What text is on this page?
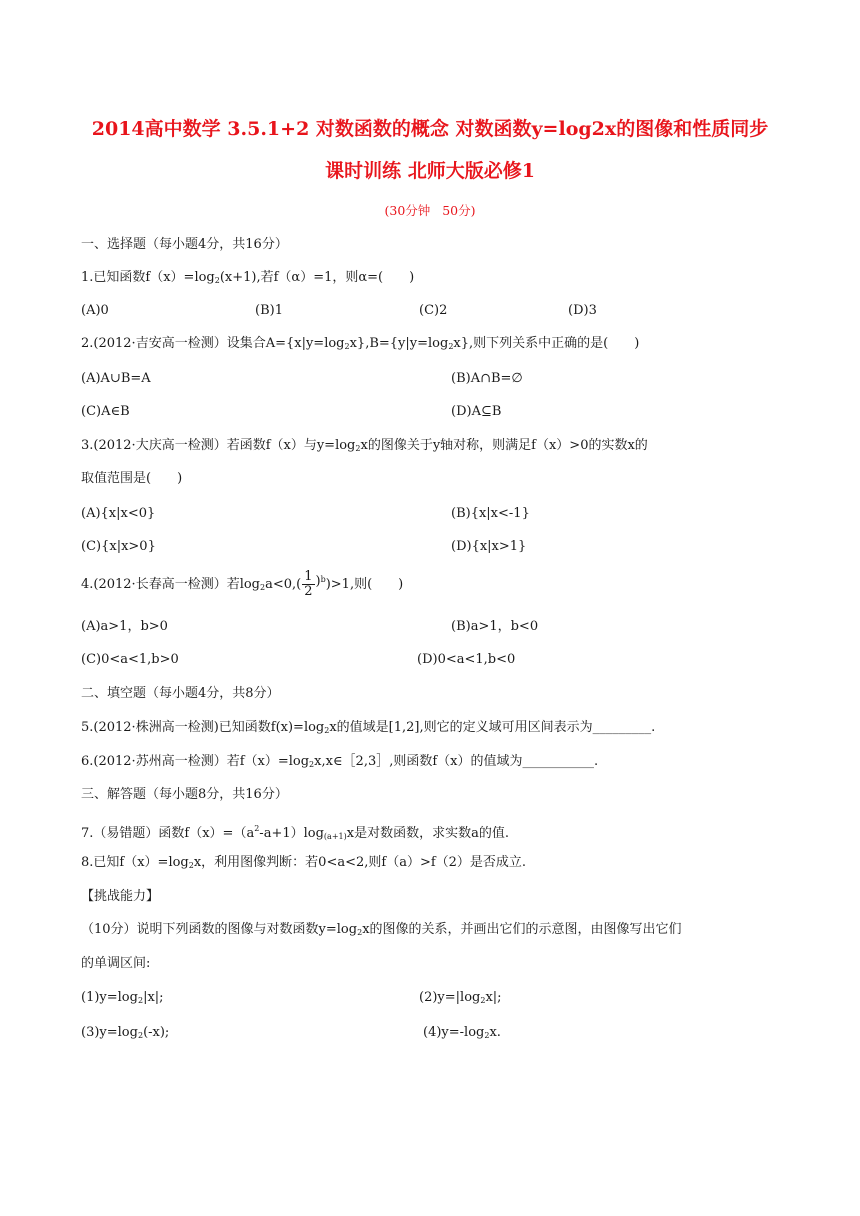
2014高中数学 3.5.1+2 对数函数的概念 对数函数y=log2x的图像和性质同步
课时训练 北师大版必修1
(30分钟   50分)
一、选择题（每小题4分，共16分）
1.已知函数$f(x)=\log_2(x+1)$,若f（α）=1，则α=(　　)
(A)0	(B)1	(C)2	(D)3
2.(2012·吉安高一检测）设集合$A=\{x|y=\log_2x\},B=\{y|y=\log_2x\}$,则下列关系中正确的是(　　)
(A)A∪B=A	(B)A∩B=∅
(C)A∈B	(D)A⊆B
3.(2012·大庆高一检测）若函数f（x）与$y=\log_2x$的图像关于y轴对称，则满足f（x）>0的实数x的
取值范围是(　　)
(A){x|x<0}	(B){x|x<-1}
(C){x|x>0}	(D){x|x>1}
4.(2012·长春高一检测）若$\log_2a<0,( \frac{1}{2} )^b)>1$,则(　　)
(A)a>1，b>0	(B)a>1，b<0
(C)0<a<1,b>0	(D)0<a<1,b<0
二、填空题（每小题4分，共8分）
5.(2012·株洲高一检测)已知函数$f(x)=\log_2x$的值域是[1,2],则它的定义域可用区间表示为_________.
6.(2012·苏州高一检测）若$f(x)=\log_2x,x\in[2,3]$,则函数f（x）的值域为___________.
三、解答题（每小题8分，共16分）
7.（易错题）函数$f(x)=(a^2-a+1)\log_{(a+1)}x$是对数函数，求实数a的值.
8.已知$f(x)=\log_2x$，利用图像判断：若0<a<2,则f（a）>f（2）是否成立.
【挑战能力】
（10分）说明下列函数的图像与对数函数$y=\log_2x$的图像的关系，并画出它们的示意图，由图像写出它们
的单调区间:
$(1)y=\log_2|x|$;	$(2)y=|\log_2x|$;
$(3)y=\log_2(-x)$;	$(4)y=-\log_2x$.
